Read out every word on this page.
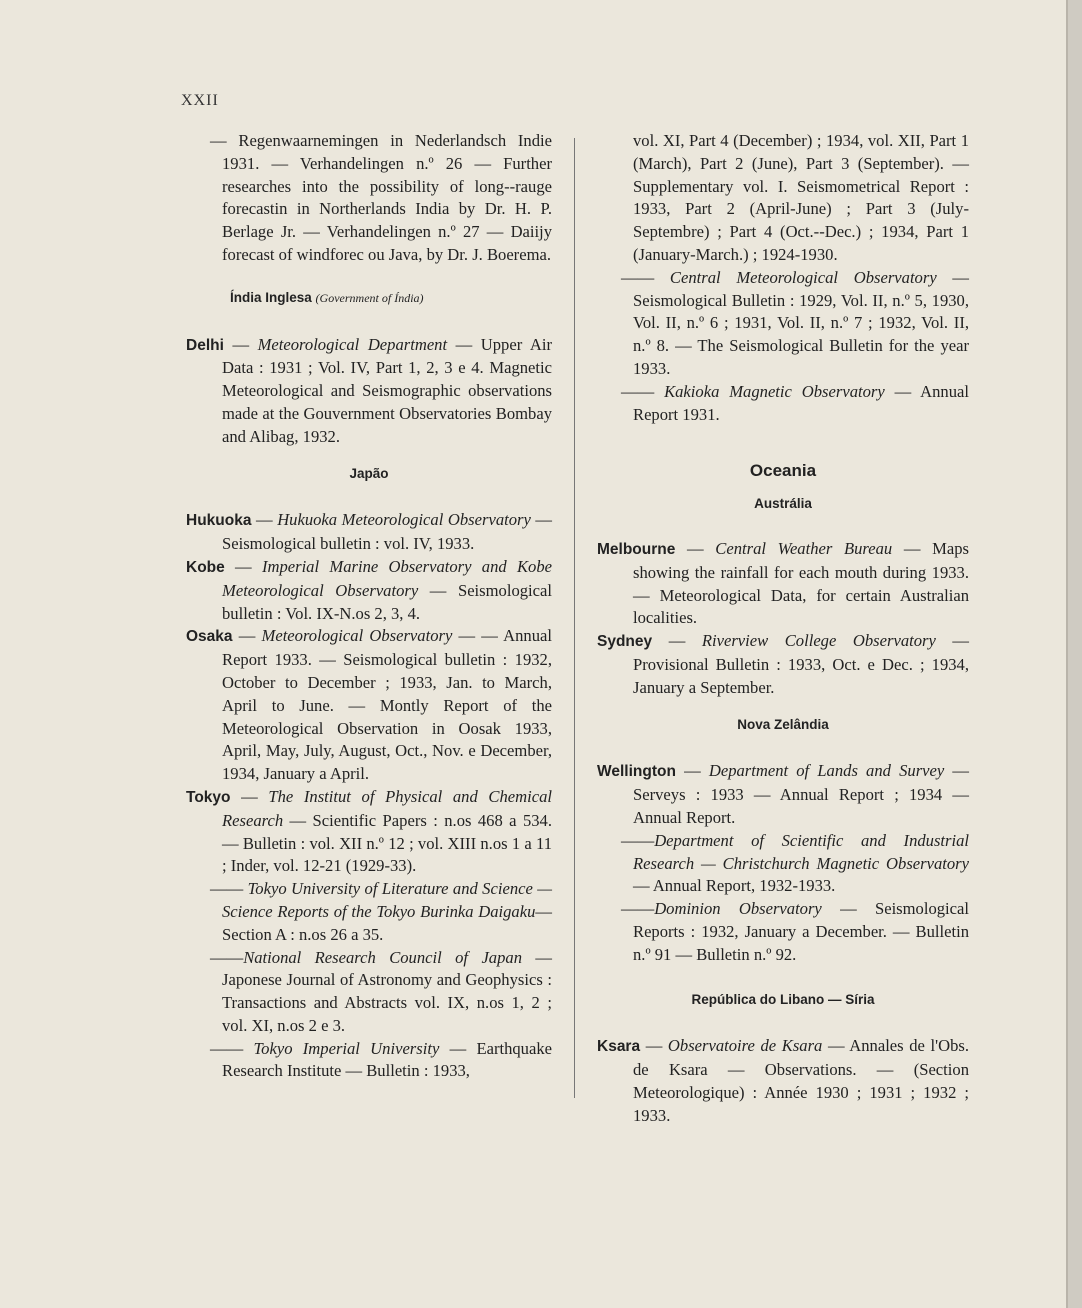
XXII

— Regenwaarnemingen in Nederlandsch Indie 1931. — Verhandelingen n.º 26 — Further researches into the possibility of long--rauge forecastin in Northerlands India by Dr. H. P. Berlage Jr. — Verhandelingen n.º 27 — Daiĳy forecast of windforec ou Java, by Dr. J. Boerema.

Índia Inglesa (Government of Índia)

Delhi — Meteorological Department — Upper Air Data : 1931 ; Vol. IV, Part 1, 2, 3 e 4. Magnetic Meteorological and Seismographic observations made at the Gouvernment Observatories Bombay and Alibag, 1932.

Japão

Hukuoka — Hukuoka Meteorological Observatory — Seismological bulletin : vol. IV, 1933.

Kobe — Imperial Marine Observatory and Kobe Meteorological Observatory — Seismological bulletin : Vol. IX-N.os 2, 3, 4.

Osaka — Meteorological Observatory — — Annual Report 1933. — Seismological bulletin : 1932, October to December ; 1933, Jan. to March, April to June. — Montly Report of the Meteorological Observation in Oosak 1933, April, May, July, August, Oct., Nov. e December, 1934, January a April.

Tokyo — The Institut of Physical and Chemical Research — Scientific Papers : n.os 468 a 534. — Bulletin : vol. XII n.º 12 ; vol. XIII n.os 1 a 11 ; Inder, vol. 12-21 (1929-33).

—— Tokyo University of Literature and Science — Science Reports of the Tokyo Burinka Daigaku—Section A : n.os 26 a 35.

——National Research Council of Japan — Japonese Journal of Astronomy and Geophysics : Transactions and Abstracts vol. IX, n.os 1, 2 ; vol. XI, n.os 2 e 3.

—— Tokyo Imperial University — Earthquake Research Institute — Bulletin : 1933,

vol. XI, Part 4 (December) ; 1934, vol. XII, Part 1 (March), Part 2 (June), Part 3 (September). — Supplementary vol. I. Seismometrical Report : 1933, Part 2 (April-June) ; Part 3 (July-Septembre) ; Part 4 (Oct.--Dec.) ; 1934, Part 1 (January-March.) ; 1924-1930.

—— Central Meteorological Observatory — Seismological Bulletin : 1929, Vol. II, n.º 5, 1930, Vol. II, n.º 6 ; 1931, Vol. II, n.º 7 ; 1932, Vol. II, n.º 8. — The Seismological Bulletin for the year 1933.

—— Kakioka Magnetic Observatory — Annual Report 1931.

Oceania
Austrália

Melbourne — Central Weather Bureau — Maps showing the rainfall for each mouth during 1933. — Meteorological Data, for certain Australian localities.

Sydney — Riverview College Observatory — Provisional Bulletin : 1933, Oct. e Dec. ; 1934, January a September.

Nova Zelândia

Wellington — Department of Lands and Survey — Serveys : 1933 — Annual Report ; 1934 — Annual Report.

——Department of Scientific and Industrial Research — Christchurch Magnetic Observatory — Annual Report, 1932-1933.

——Dominion Observatory — Seismological Reports : 1932, January a December. — Bulletin n.º 91 — Bulletin n.º 92.

República do Libano — Síria

Ksara — Observatoire de Ksara — Annales de l'Obs. de Ksara — Observations. — (Section Meteorologique) : Année 1930 ; 1931 ; 1932 ; 1933.
